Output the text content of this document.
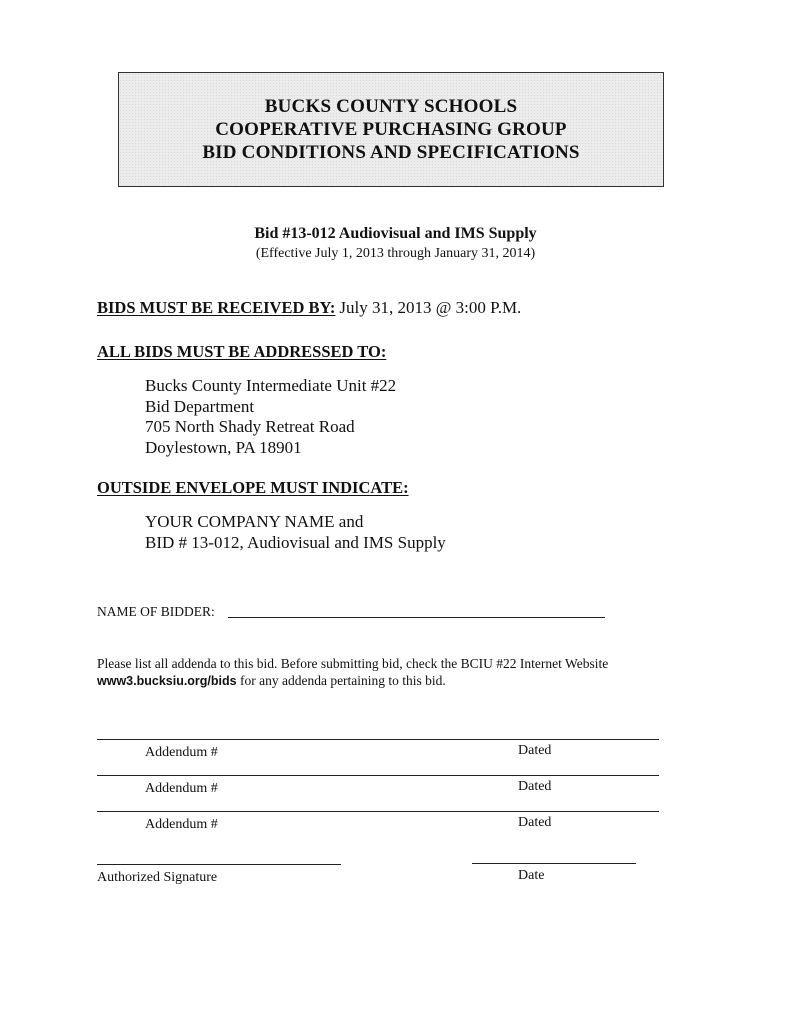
BUCKS COUNTY SCHOOLS
COOPERATIVE PURCHASING GROUP
BID CONDITIONS AND SPECIFICATIONS
Bid #13-012 Audiovisual and IMS Supply
(Effective July 1, 2013 through January 31, 2014)
BIDS MUST BE RECEIVED BY: July 31, 2013 @ 3:00 P.M.
ALL BIDS MUST BE ADDRESSED TO:
Bucks County Intermediate Unit #22
Bid Department
705 North Shady Retreat Road
Doylestown, PA 18901
OUTSIDE ENVELOPE MUST INDICATE:
YOUR COMPANY NAME and
BID # 13-012, Audiovisual and IMS Supply
NAME OF BIDDER:
Please list all addenda to this bid. Before submitting bid, check the BCIU #22 Internet Website
www3.bucksiu.org/bids for any addenda pertaining to this bid.
Addendum #	Dated
Addendum #	Dated
Addendum #	Dated
Authorized Signature	Date
